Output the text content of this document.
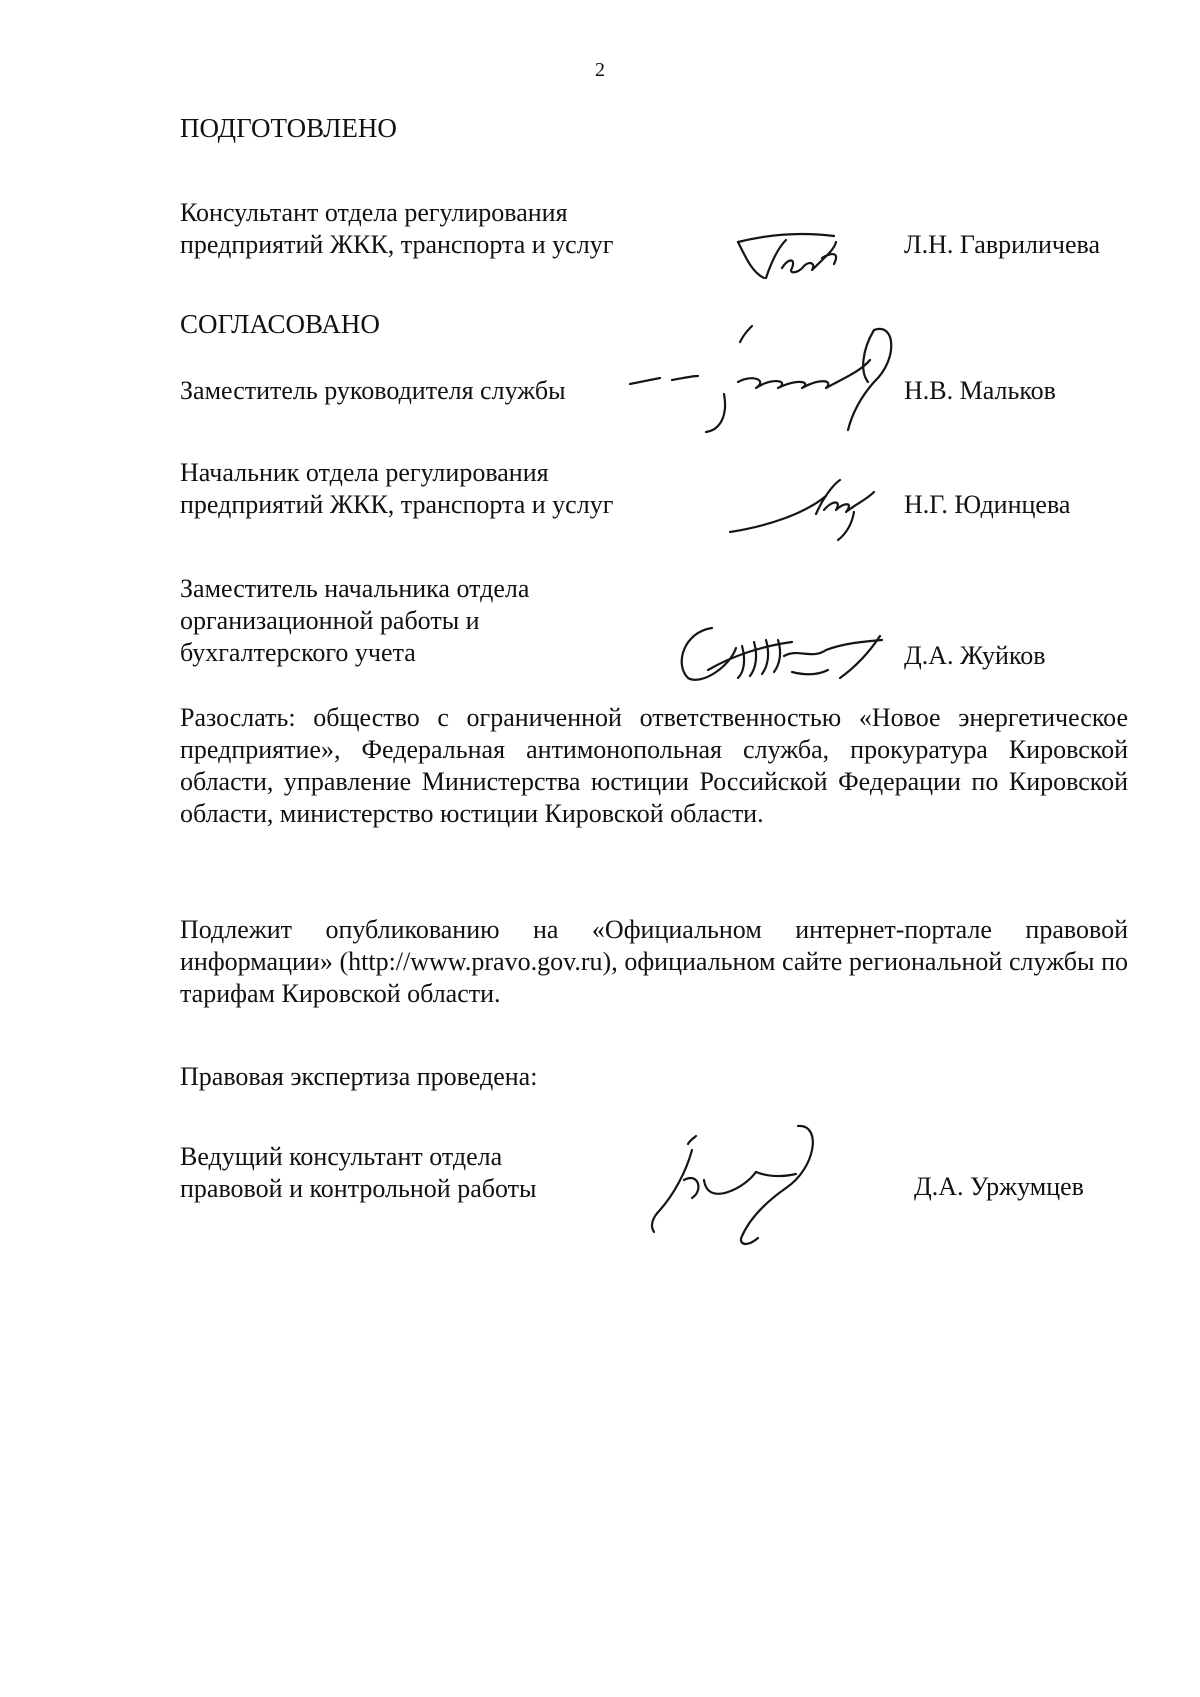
2
ПОДГОТОВЛЕНО
Консультант отдела регулирования
предприятий ЖКК, транспорта и услуг	Л.Н. Гавриличева
СОГЛАСОВАНО
Заместитель руководителя службы	Н.В. Мальков
Начальник отдела регулирования
предприятий ЖКК, транспорта и услуг	Н.Г. Юдинцева
Заместитель начальника отдела
организационной работы и
бухгалтерского учета	Д.А. Жуйков
Разослать: общество с ограниченной ответственностью «Новое энергетическое предприятие», Федеральная антимонопольная служба, прокуратура Кировской области, управление Министерства юстиции Российской Федерации по Кировской области, министерство юстиции Кировской области.
Подлежит опубликованию на «Официальном интернет-портале правовой информации» (http://www.pravo.gov.ru), официальном сайте региональной службы по тарифам Кировской области.
Правовая экспертиза проведена:
Ведущий консультант отдела
правовой и контрольной работы	Д.А. Уржумцев
